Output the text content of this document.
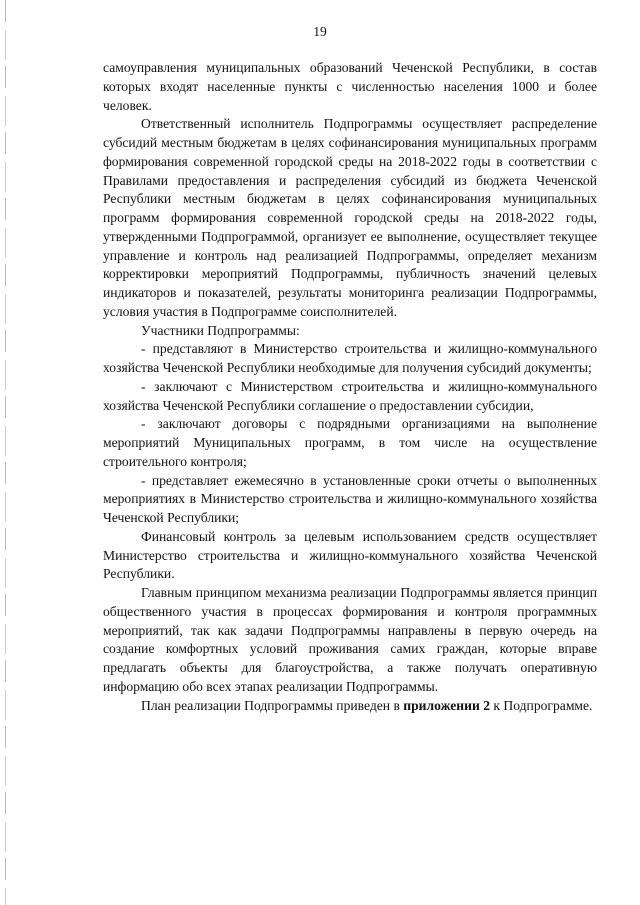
19

самоуправления муниципальных образований Чеченской Республики, в состав которых входят населенные пункты с численностью населения 1000 и более человек.

Ответственный исполнитель Подпрограммы осуществляет распределение субсидий местным бюджетам в целях софинансирования муниципальных программ формирования современной городской среды на 2018-2022 годы в соответствии с Правилами предоставления и распределения субсидий из бюджета Чеченской Республики местным бюджетам в целях софинансирования муниципальных программ формирования современной городской среды на 2018-2022 годы, утвержденными Подпрограммой, организует ее выполнение, осуществляет текущее управление и контроль над реализацией Подпрограммы, определяет механизм корректировки мероприятий Подпрограммы, публичность значений целевых индикаторов и показателей, результаты мониторинга реализации Подпрограммы, условия участия в Подпрограмме соисполнителей.

Участники Подпрограммы:

- представляют в Министерство строительства и жилищно-коммунального хозяйства Чеченской Республики необходимые для получения субсидий документы;

- заключают с Министерством строительства и жилищно-коммунального хозяйства Чеченской Республики соглашение о предоставлении субсидии,

- заключают договоры с подрядными организациями на выполнение мероприятий Муниципальных программ, в том числе на осуществление строительного контроля;

- представляет ежемесячно в установленные сроки отчеты о выполненных мероприятиях в Министерство строительства и жилищно-коммунального хозяйства Чеченской Республики;

Финансовый контроль за целевым использованием средств осуществляет Министерство строительства и жилищно-коммунального хозяйства Чеченской Республики.

Главным принципом механизма реализации Подпрограммы является принцип общественного участия в процессах формирования и контроля программных мероприятий, так как задачи Подпрограммы направлены в первую очередь на создание комфортных условий проживания самих граждан, которые вправе предлагать объекты для благоустройства, а также получать оперативную информацию обо всех этапах реализации Подпрограммы.

План реализации Подпрограммы приведен в приложении 2 к Подпрограмме.
